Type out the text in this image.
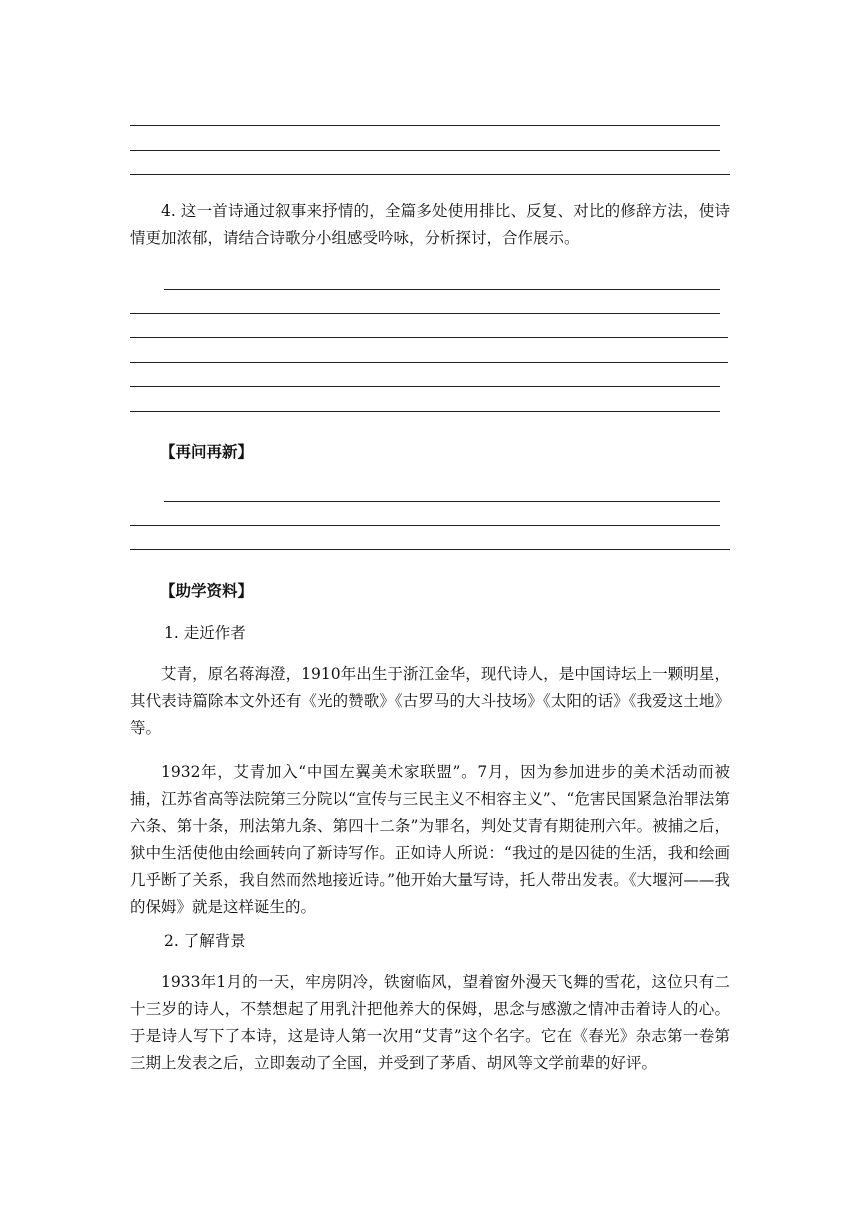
4. 这一首诗通过叙事来抒情的，全篇多处使用排比、反复、对比的修辞方法，使诗情更加浓郁，请结合诗歌分小组感受吟咏，分析探讨，合作展示。

【再问再新】
【助学资料】
1. 走近作者

艾青，原名蒋海澄，1910年出生于浙江金华，现代诗人，是中国诗坛上一颗明星，其代表诗篇除本文外还有《光的赞歌》《古罗马的大斗技场》《太阳的话》《我爱这土地》等。

1932年，艾青加入“中国左翼美术家联盟”。7月，因为参加进步的美术活动而被捕，江苏省高等法院第三分院以“宣传与三民主义不相容主义”、“危害民国紧急治罪法第六条、第十条，刑法第九条、第四十二条”为罪名，判处艾青有期徒刑六年。被捕之后，狱中生活使他由绘画转向了新诗写作。正如诗人所说：“我过的是囚徒的生活，我和绘画几乎断了关系，我自然而然地接近诗。”他开始大量写诗，托人带出发表。《大堰河——我的保姆》就是这样诞生的。

2. 了解背景

1933年1月的一天，牢房阴冷，铁窗临风，望着窗外漫天飞舞的雪花，这位只有二十三岁的诗人，不禁想起了用乳汁把他养大的保姆，思念与感激之情冲击着诗人的心。于是诗人写下了本诗，这是诗人第一次用“艾青”这个名字。它在《春光》杂志第一卷第三期上发表之后，立即轰动了全国，并受到了茅盾、胡风等文学前辈的好评。
